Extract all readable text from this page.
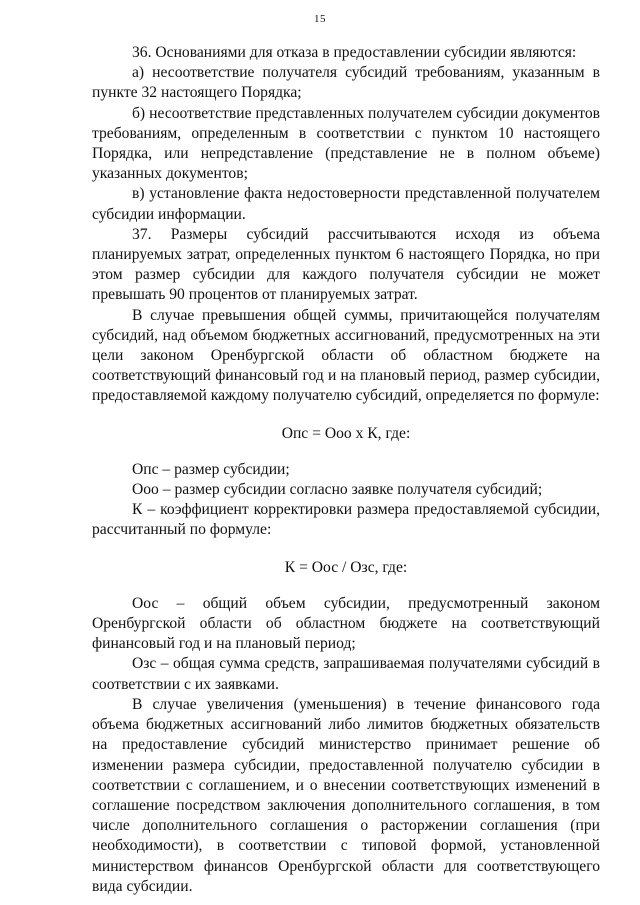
15

36. Основаниями для отказа в предоставлении субсидии являются:

а) несоответствие получателя субсидий требованиям, указанным в пункте 32 настоящего Порядка;

б) несоответствие представленных получателем субсидии документов требованиям, определенным в соответствии с пунктом 10 настоящего Порядка, или непредставление (представление не в полном объеме) указанных документов;

в) установление факта недостоверности представленной получателем субсидии информации.

37. Размеры субсидий рассчитываются исходя из объема планируемых затрат, определенных пунктом 6 настоящего Порядка, но при этом размер субсидии для каждого получателя субсидии не может превышать 90 процентов от планируемых затрат.

В случае превышения общей суммы, причитающейся получателям субсидий, над объемом бюджетных ассигнований, предусмотренных на эти цели законом Оренбургской области об областном бюджете на соответствующий финансовый год и на плановый период, размер субсидии, предоставляемой каждому получателю субсидий, определяется по формуле:

Опс = Ооо х К, где:

Опс – размер субсидии;

Ооо – размер субсидии согласно заявке получателя субсидий;

К – коэффициент корректировки размера предоставляемой субсидии, рассчитанный по формуле:

К = Оос / Озс, где:

Оос – общий объем субсидии, предусмотренный законом Оренбургской области об областном бюджете на соответствующий финансовый год и на плановый период;

Озс – общая сумма средств, запрашиваемая получателями субсидий в соответствии с их заявками.

В случае увеличения (уменьшения) в течение финансового года объема бюджетных ассигнований либо лимитов бюджетных обязательств на предоставление субсидий министерство принимает решение об изменении размера субсидии, предоставленной получателю субсидии в соответствии с соглашением, и о внесении соответствующих изменений в соглашение посредством заключения дополнительного соглашения, в том числе дополнительного соглашения о расторжении соглашения (при необходимости), в соответствии с типовой формой, установленной министерством финансов Оренбургской области для соответствующего вида субсидии.
